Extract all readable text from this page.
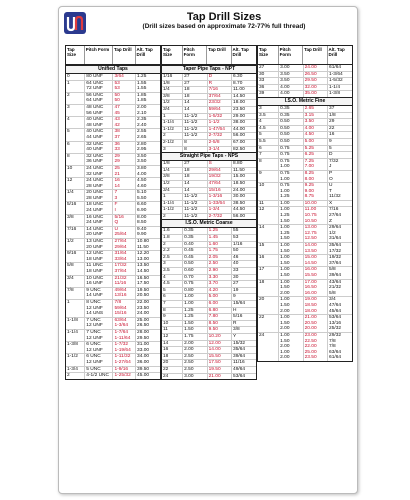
Tap Drill Sizes
(Drill sizes based on approximate 72-77% full thread)
Tap Size
Pitch Form	Tap Drill	Alt. Tap Drill
Unified Taps
0	80 UNF	3/64	1.25
1	64 UNC	53	1.55
	72 UNF	53	1.55
2	56 UNC	50	1.85
	64 UNF	50	1.85
3	48 UNC	47	2.00
	56 UNF	45	2.10
4	40 UNC	43	2.35
	48 UNF	42	2.40
5	40 UNC	38	2.55
	44 UNF	37	2.65
6	32 UNC	36	2.80
	40 UNF	33	2.95
8	32 UNC	29	3.50
	36 UNF	29	3.50
10	24 UNC	25	3.80
	32 UNF	21	4.00
12	24 UNC	16	4.50
	28 UNF	14	4.60
1/4	20 UNC	7	5.10
	28 UNF	3	5.50
5/16	18 UNC	F	6.60
	24 UNF	I	6.90
3/8	16 UNC	5/16	8.00
	24 UNF	Q	8.50
7/16	14 UNC	U	9.40
	20 UNF	25/64	9.90
1/2	13 UNC	27/64	10.80
	20 UNF	29/64	11.50
9/16	12 UNC	31/64	12.20
	18 UNF	33/64	13.00
5/8	11 UNC	17/32	13.50
	18 UNF	37/64	14.50
3/4	10 UNC	21/32	16.50
	16 UNF	11/16	17.50
7/8	9 UNC	49/64	19.50
	14 UNF	13/16	20.50
1	8 UNC	7/8	22.00
	12 UNF	59/64	23.50
	14 UNS	15/16	24.00
1-1/8	7 UNC	63/64	25.00
	12 UNF	1-3/64	26.50
1-1/4	7 UNC	1-7/64	28.00
	12 UNF	1-11/64	29.50
1-3/8	6 UNC	1-7/32	31.00
	12 UNF	1-19/64	33.00
1-1/2	6 UNC	1-11/32	34.00
	12 UNF	1-27/64	36.00
1-3/4	5 UNC	1-9/16	39.50
2	4-1/2 UNC	1-25/32	45.00
Tap Size
Pitch Form
Tap Drill	Alt. Tap Drill
Taper Pipe Taps - NPT
1/16	27	D	6.30
1/8	27	R	8.70
1/4	18	7/16	11.00
3/8	18	37/64	14.50
1/2	14	23/32	18.00
3/4	14	59/64	23.50
1	11-1/2	1-5/32	29.00
1-1/4	11-1/2	1-1/2	38.00
1-1/2	11-1/2	1-47/64	44.00
2	11-1/2	2-7/32	56.00
2-1/2	8	2-5/8	67.00
3	8	3-1/4	82.50
Straight Pipe Taps - NPS
1/8	27	S	8.80
1/4	18	29/64	11.50
3/8	18	19/32	15.00
1/2	14	47/64	18.50
3/4	14	15/16	24.00
1	11-1/2	1-3/16	30.00
1-1/4	11-1/2	1-33/64	38.50
1-1/2	11-1/2	1-3/4	44.50
2	11-1/2	2-7/32	56.00
I.S.O. Metric Coarse
1.6	0.35	1.25	55
1.8	0.35	1.45	53
2	0.40	1.60	1/16
2.2	0.45	1.75	50
2.5	0.45	2.05	46
3	0.50	2.50	40
3.5	0.60	2.90	33
4	0.70	3.30	30
4.5	0.75	3.70	27
5	0.80	4.20	19
6	1.00	5.00	9
7	1.00	6.00	15/64
8	1.25	6.80	H
9	1.25	7.80	5/16
10	1.50	8.50	R
11	1.50	9.50	3/8
12	1.75	10.20	Y
14	2.00	12.00	15/32
16	2.00	14.00	35/64
18	2.50	15.50	39/64
20	2.50	17.50	11/16
22	2.50	19.50	49/64
24	3.00	21.00	53/64
Tap Size
Pitch Form
Tap Drill	Alt. Tap Drill
27	3.00	24.00	61/64
30	3.50	26.50	1-3/64
33	3.50	29.50	1-5/32
36	4.00	32.00	1-1/4
39	4.00	35.00	1-3/8
I.S.O. Metric Fine
3	0.35	2.65	37
3.5	0.35	3.15	1/8
4	0.50	3.50	29
4.5	0.50	4.00	22
5	0.50	4.50	16
5.5	0.50	5.00	9
6	0.75	5.25	5
7	0.75	6.25	D
8	0.75	7.25	7/32
	1.00	7.00	J
9	0.75	8.25	P
	1.00	8.00	O
10	0.75	9.25	U
	1.00	9.00	T
	1.25	8.75	11/32
11	1.00	10.00	X
12	1.00	11.00	7/16
	1.25	10.75	27/64
	1.50	10.50	Z
14	1.00	13.00	29/64
	1.25	12.75	1/2
	1.50	12.50	31/64
15	1.00	14.00	35/64
	1.50	13.50	17/32
16	1.00	15.00	19/32
	1.50	14.50	37/64
17	1.00	16.00	5/8
	1.50	15.50	39/64
18	1.00	17.00	43/64
	1.50	16.50	21/32
	2.00	16.00	5/8
20	1.00	19.00	3/4
	1.50	18.50	47/64
	2.00	18.00	45/64
22	1.00	21.00	53/64
	1.50	20.50	13/16
	2.00	20.00	25/32
24	1.00	23.00	29/32
	1.50	22.50	7/8
	2.00	22.00	7/8
	1.00	25.00	63/64
	2.00	23.50	61/64
